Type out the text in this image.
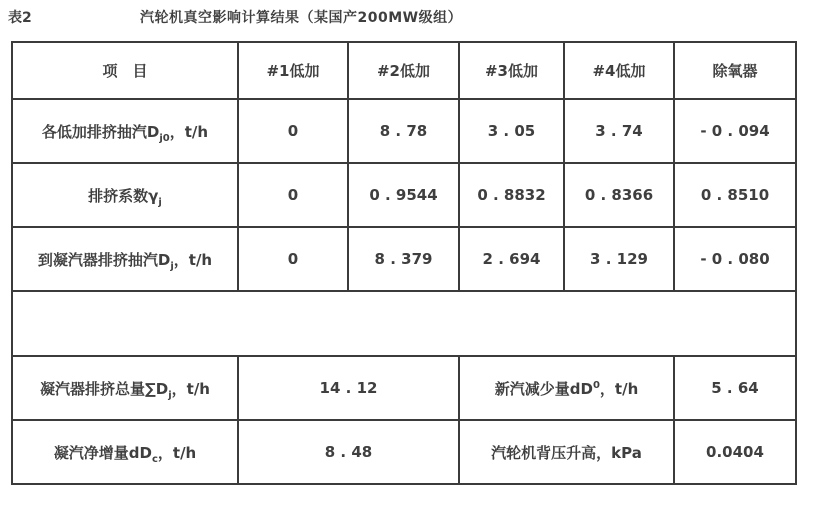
表2	汽轮机真空影响计算结果（某国产200MW级组）
项　目	#1低加	#2低加	#3低加	#4低加	除氧器
各低加排挤抽汽$D_{j0}$，t/h	0	8 . 78	3 . 05	3 . 74	- 0 . 094
排挤系数$\gamma_j$	0	0 . 9544	0 . 8832	0 . 8366	0 . 8510
到凝汽器排挤抽汽$D_j$，t/h	0	8 . 379	2 . 694	3 . 129	- 0 . 080

凝汽器排挤总量$\sum D_j$，t/h	14 . 12		新汽减少量$dD^0$，t/h		5 . 64
凝汽净增量$dD_c$，t/h	8 . 48		汽轮机背压升高，kPa		0.0404
